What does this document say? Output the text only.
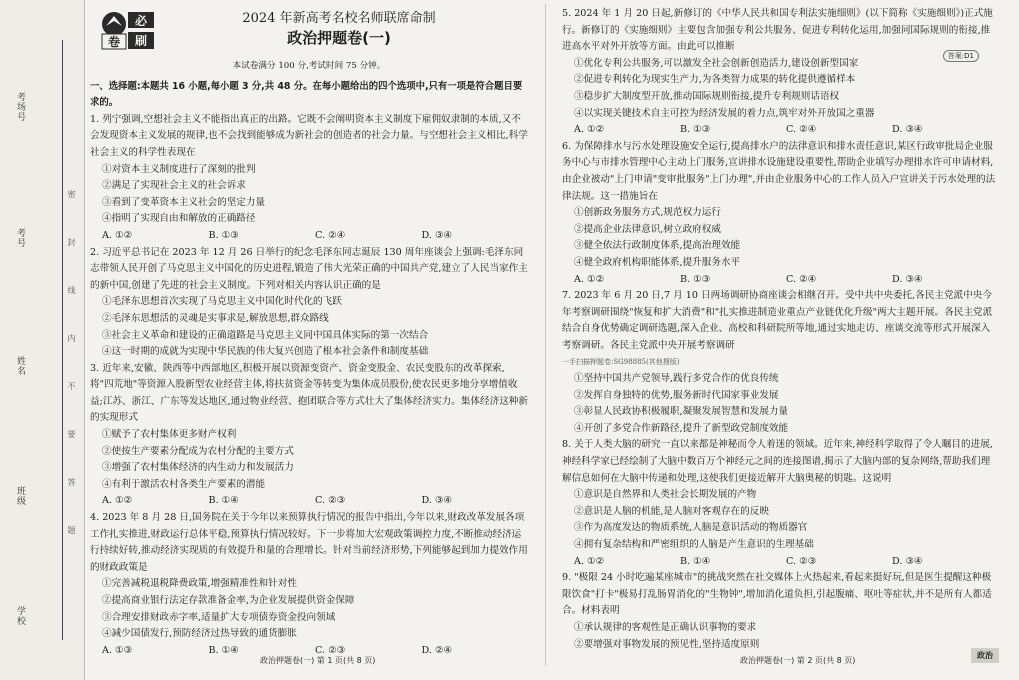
考场号
考号
姓名
班级
学校
密
封
线
内
不
要
答
题
必
卷 刷
2024 年新高考名校名师联席命制
政治押题卷(一)
本试卷满分 100 分,考试时间 75 分钟。
一、选择题:本题共 16 小题,每小题 3 分,共 48 分。在每小题给出的四个选项中,只有一项是符合题目要求的。

1. 列宁强调,空想社会主义不能指出真正的出路。它既不会阐明资本主义制度下雇佣奴隶制的本质,又不会发现资本主义发展的规律,也不会找到能够成为新社会的创造者的社会力量。与空想社会主义相比,科学社会主义的科学性表现在

①对资本主义制度进行了深刻的批判
②满足了实现社会主义的社会诉求
③看到了变革资本主义社会的坚定力量
④指明了实现自由和解放的正确路径
A. ①②	B. ①③	C. ②④	D. ③④

2. 习近平总书记在 2023 年 12 月 26 日举行的纪念毛泽东同志诞辰 130 周年座谈会上强调:毛泽东同志带领人民开创了马克思主义中国化的历史进程,锻造了伟大光荣正确的中国共产党,建立了人民当家作主的新中国,创建了先进的社会主义制度。下列对相关内容认识正确的是

①毛泽东思想首次实现了马克思主义中国化时代化的飞跃
②毛泽东思想活的灵魂是实事求是,解放思想,群众路线
③社会主义革命和建设的正确道路是马克思主义同中国具体实际的第一次结合
④这一时期的成就为实现中华民族的伟大复兴创造了根本社会条件和制度基础

3. 近年来,安徽、陕西等中西部地区,积极开展以资源变资产、资金变股金、农民变股东的改革探索,将"四荒地"等资源入股新型农业经营主体,将扶贫资金等转变为集体成员股份,使农民更多地分享增值收益;江苏、浙江、广东等发达地区,通过物业经营、抱团联合等方式壮大了集体经济实力。集体经济这种新的实现形式

①赋予了农村集体更多财产权利
②使按生产要素分配成为农村分配的主要方式
③增强了农村集体经济的内生动力和发展活力
④有利于激活农村各类生产要素的潜能
A. ①②	B. ①④	C. ②③	D. ③④

4. 2023 年 8 月 28 日,国务院在关于今年以来预算执行情况的报告中指出,今年以来,财政改革发展各项工作扎实推进,财政运行总体平稳,预算执行情况较好。下一步将加大宏观政策调控力度,不断推动经济运行持续好转,推动经济实现质的有效提升和量的合理增长。针对当前经济形势,下列能够起到加力提效作用的财政政策是

①完善减税退税降费政策,增强精准性和针对性
②提高商业银行法定存款准备金率,为企业发展提供资金保障
③合理安排财政赤字率,适量扩大专项债券资金投向领域
④减少国债发行,预防经济过热导致的通货膨胀
A. ①③	B. ①④	C. ②③	D. ②④
答案:D1

5. 2024 年 1 月 20 日起,新修订的《中华人民共和国专利法实施细则》(以下简称《实施细则》)正式施行。新修订的《实施细则》主要包含加强专利公共服务、促进专利转化运用,加强同国际规则的衔接,推进高水平对外开放等方面。由此可以推断

①优化专利公共服务,可以激发全社会创新创造活力,建设创新型国家
②促进专利转化为现实生产力,为各类智力成果的转化提供遵循样本
③稳步扩大制度型开放,推动国际规则衔接,提升专利规则话语权
④以实现关键技术自主可控为经济发展的着力点,筑牢对外开放国之重器
A. ①②	B. ①③	C. ②④	D. ③④

6. 为保障排水与污水处理设施安全运行,提高排水户的法律意识和排水责任意识,某区行政审批局企业服务中心与市排水管理中心主动上门服务,宣讲排水设施建设重要性,帮助企业填写办理排水许可申请材料,由企业被动"上门申请"变审批服务"上门办理",并由企业服务中心的工作人员入户宣讲关于污水处理的法律法规。这一措施旨在

①创新政务服务方式,规范权力运行
②提高企业法律意识,树立政府权威
③健全依法行政制度体系,提高治理效能
④健全政府机构职能体系,提升服务水平
A. ①②	B. ①③	C. ②④	D. ③④

7. 2023 年 6 月 20 日,7 月 10 日两场调研协商座谈会相继召开。受中共中央委托,各民主党派中央今年考察调研围绕"恢复和扩大消费"和"扎实推进制造业重点产业链优化升级"两大主题开展。各民主党派结合自身优势确定调研选题,深入企业、高校和科研院所等地,通过实地走访、座谈交流等形式开展深入考察调研。各民主党派中央开展考察调研

一手扫描押题卷:SG98885(其他搜版)
①坚持中国共产党领导,践行多党合作的优良传统
②发挥自身独特的优势,服务新时代国家事业发展
③彰显人民政协积极履职,凝聚发展智慧和发展力量
④开创了多党合作新路径,提升了新型政党制度效能

8. 关于人类大脑的研究一直以来都是神秘而令人着迷的领域。近年来,神经科学取得了令人瞩目的进展,神经科学家已经绘制了大脑中数百万个神经元之间的连接图谱,揭示了大脑内部的复杂网络,帮助我们理解信息如何在大脑中传递和处理,这使我们更接近解开大脑奥秘的钥匙。这说明

①意识是自然界和人类社会长期发展的产物
②意识是人脑的机能,是人脑对客观存在的反映
③作为高度发达的物质系统,人脑是意识活动的物质器官
④拥有复杂结构和严密组织的人脑是产生意识的生理基础
A. ①②	B. ①④	C. ②③	D. ③④

9. "极限 24 小时吃遍某座城市"的挑战突然在社交媒体上火热起来,看起来挺好玩,但是医生提醒这种极限饮食"打卡"极易打乱肠胃消化的"生物钟",增加消化道负担,引起腹痛、呕吐等症状,并不是所有人都适合。材料表明

①承认规律的客观性是正确认识事物的要求
②要增强对事物发展的预见性,坚持适度原则
政治押题卷(一) 第 1 页(共 8 页)	政治押题卷(一) 第 2 页(共 8 页)
政治
